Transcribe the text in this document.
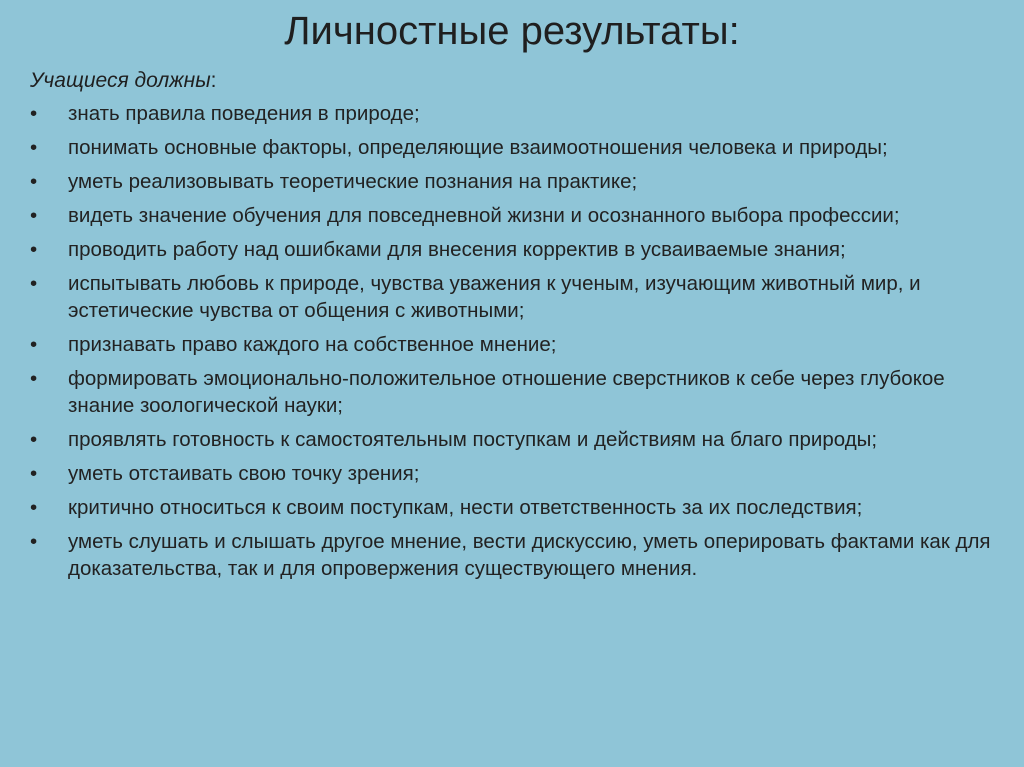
Личностные результаты:

Учащиеся должны:

• знать правила поведения в природе;
• понимать основные факторы, определяющие взаимоотношения человека и природы;
• уметь реализовывать теоретические познания на практике;
• видеть значение обучения для повседневной жизни и осознанного выбора профессии;
• проводить работу над ошибками для внесения корректив в усваиваемые знания;
• испытывать любовь к природе, чувства уважения к ученым, изучающим животный мир, и эстетические чувства от общения с животными;
• признавать право каждого на собственное мнение;
• формировать эмоционально-положительное отношение сверстников к себе через глубокое знание зоологической науки;
• проявлять готовность к самостоятельным поступкам и действиям на благо природы;
• уметь отстаивать свою точку зрения;
• критично относиться к своим поступкам, нести ответственность за их последствия;
• уметь слушать и слышать другое мнение, вести дискуссию, уметь оперировать фактами как для доказательства, так и для опровержения существующего мнения.
